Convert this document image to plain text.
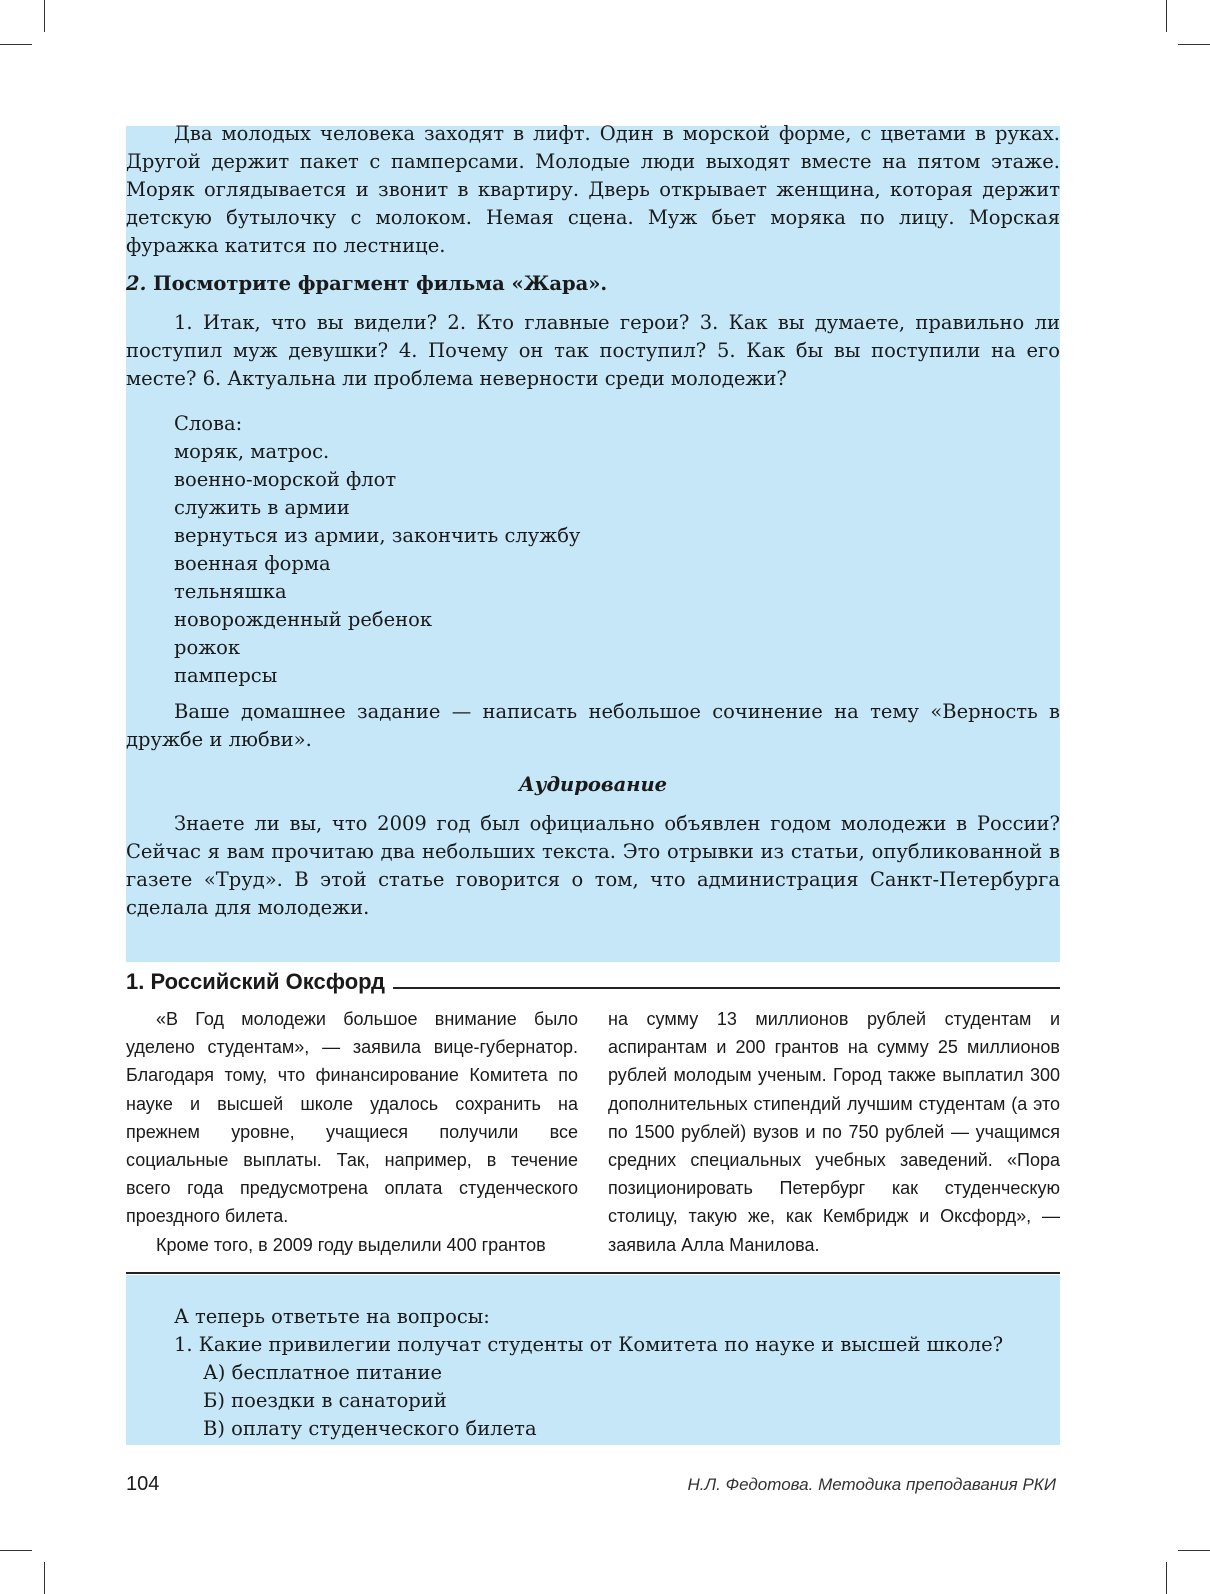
Два молодых человека заходят в лифт. Один в морской форме, с цветами в руках. Другой держит пакет с памперсами. Молодые люди выходят вместе на пятом этаже. Моряк оглядывается и звонит в квартиру. Дверь открывает женщина, которая держит детскую бутылочку с молоком. Немая сцена. Муж бьет моряка по лицу. Морская фуражка катится по лестнице.

2. Посмотрите фрагмент фильма «Жара».

1. Итак, что вы видели? 2. Кто главные герои? 3. Как вы думаете, правильно ли поступил муж девушки? 4. Почему он так поступил? 5. Как бы вы поступили на его месте? 6. Актуальна ли проблема неверности среди молодежи?

Слова:
моряк, матрос.
военно-морской флот
служить в армии
вернуться из армии, закончить службу
военная форма
тельняшка
новорожденный ребенок
рожок
памперсы

Ваше домашнее задание — написать небольшое сочинение на тему «Верность в дружбе и любви».

Аудирование

Знаете ли вы, что 2009 год был официально объявлен годом молодежи в России? Сейчас я вам прочитаю два небольших текста. Это отрывки из статьи, опубликованной в газете «Труд». В этой статье говорится о том, что администрация Санкт-Петербурга сделала для молодежи.

1. Российский Оксфорд

«В Год молодежи большое внимание было уделено студентам», — заявила вице-губернатор. Благодаря тому, что финансирование Комитета по науке и высшей школе удалось сохранить на прежнем уровне, учащиеся получили все социальные выплаты. Так, например, в течение всего года предусмотрена оплата студенческого проездного билета.

Кроме того, в 2009 году выделили 400 грантов

на сумму 13 миллионов рублей студентам и аспирантам и 200 грантов на сумму 25 миллионов рублей молодым ученым. Город также выплатил 300 дополнительных стипендий лучшим студентам (а это по 1500 рублей) вузов и по 750 рублей — учащимся средних специальных учебных заведений. «Пора позиционировать Петербург как студенческую столицу, такую же, как Кембридж и Оксфорд», — заявила Алла Манилова.

А теперь ответьте на вопросы:
1. Какие привилегии получат студенты от Комитета по науке и высшей школе?
А) бесплатное питание
Б) поездки в санаторий
В) оплату студенческого билета
104	Н.Л. Федотова. Методика преподавания РКИ
